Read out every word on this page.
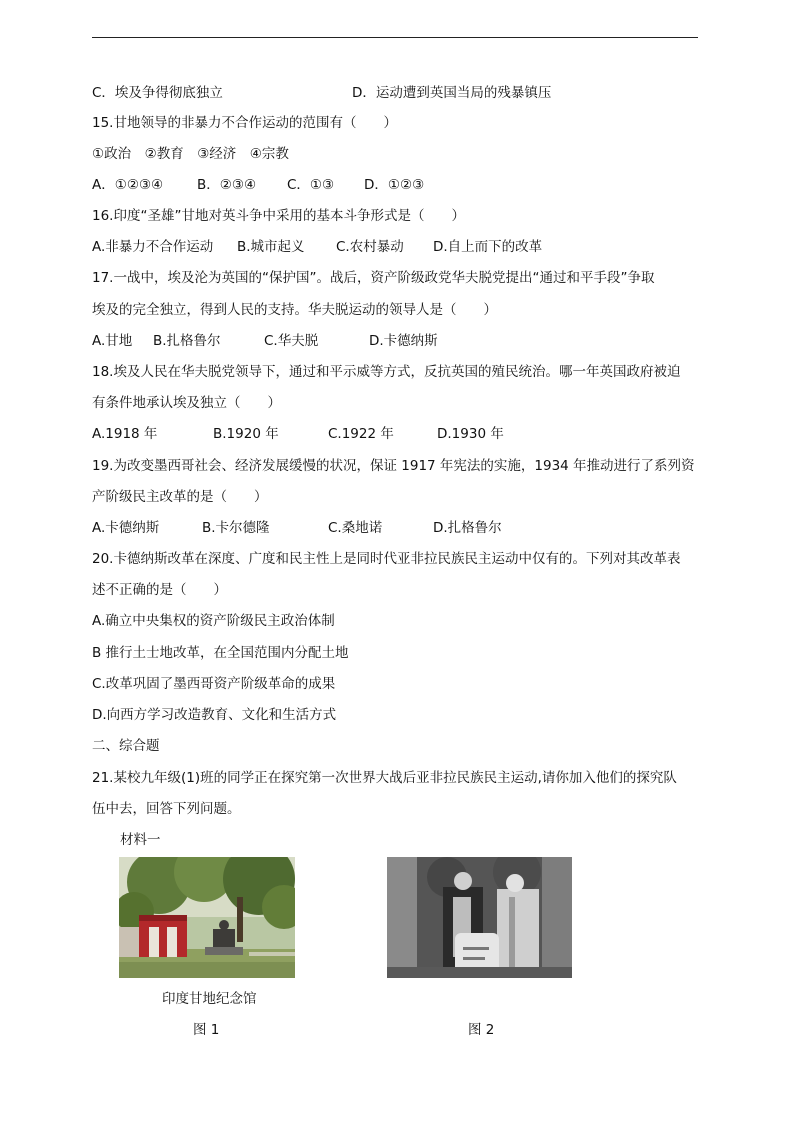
C．埃及争得彻底独立	D．运动遭到英国当局的残暴镇压
15.甘地领导的非暴力不合作运动的范围有（　　）
①政治　②教育　③经济　④宗教
A．①②③④	B．②③④ C．①③ D．①②③
16.印度“圣雄”甘地对英斗争中采用的基本斗争形式是（　　）
A.非暴力不合作运动 B.城市起义 C.农村暴动 D.自上而下的改革
17.一战中，埃及沦为英国的“保护国”。战后，资产阶级政党华夫脱党提出“通过和平手段”争取
埃及的完全独立，得到人民的支持。华夫脱运动的领导人是（　　）
A.甘地 B.扎格鲁尔	C.华夫脱	D.卡德纳斯
18.埃及人民在华夫脱党领导下，通过和平示威等方式，反抗英国的殖民统治。哪一年英国政府被迫
有条件地承认埃及独立（　　）
A.1918 年	B.1920 年	C.1922 年	D.1930 年
19.为改变墨西哥社会、经济发展缓慢的状况，保证 1917 年宪法的实施，1934 年推动进行了系列资
产阶级民主改革的是（　　）
A.卡德纳斯	B.卡尔德隆	C.桑地诺	D.扎格鲁尔
20.卡德纳斯改革在深度、广度和民主性上是同时代亚非拉民族民主运动中仅有的。下列对其改革表
述不正确的是（　　）
A.确立中央集权的资产阶级民主政治体制
B 推行土士地改革，在全国范围内分配土地
C.改革巩固了墨西哥资产阶级革命的成果
D.向西方学习改造教育、文化和生活方式
二、综合题
21.某校九年级(1)班的同学正在探究第一次世界大战后亚非拉民族民主运动,请你加入他们的探究队
伍中去，回答下列问题。
材料一
印度甘地纪念馆
图 1	图 2
